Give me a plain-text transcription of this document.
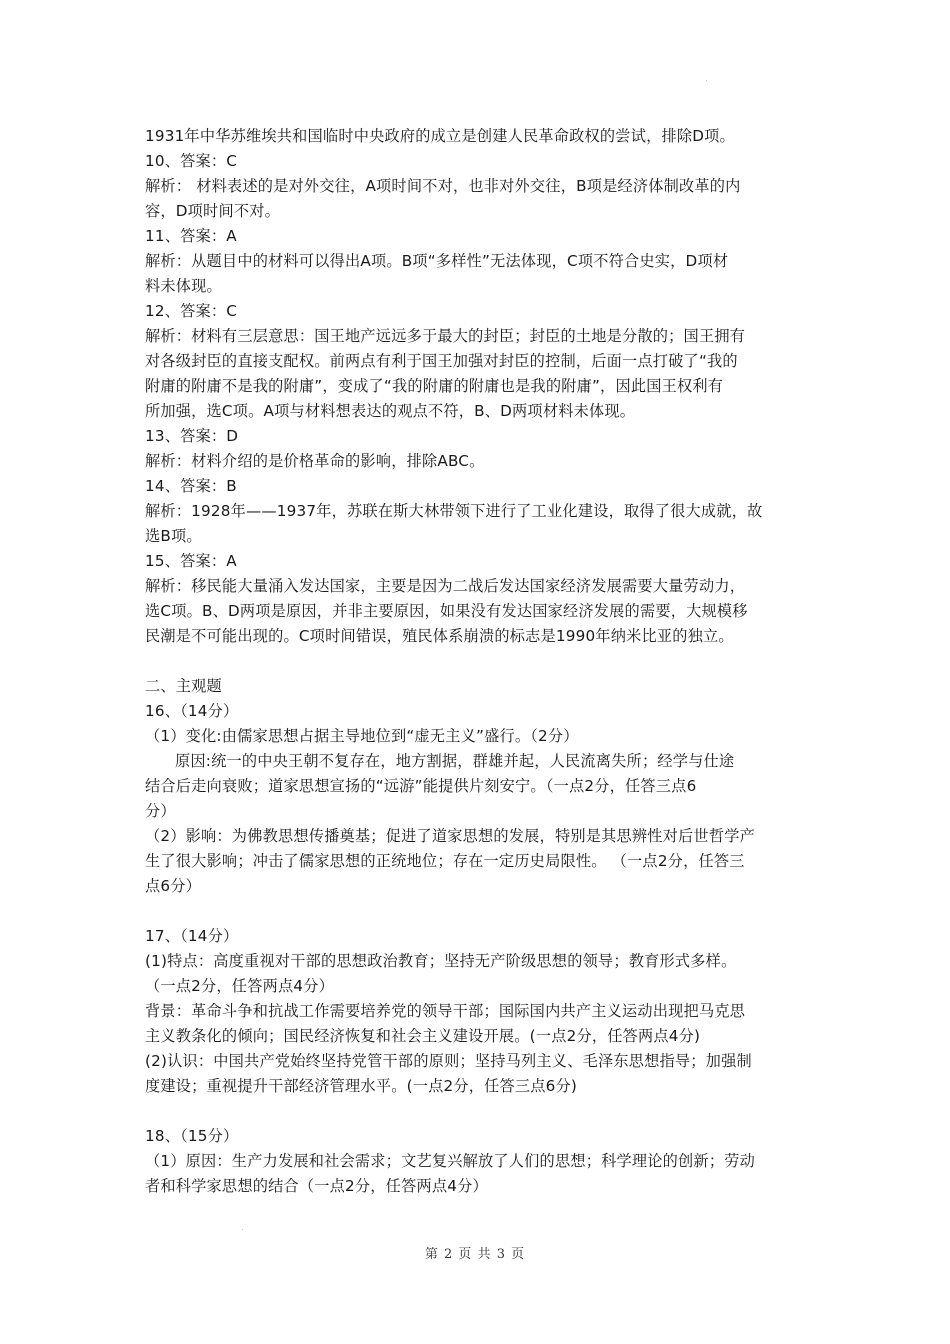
1931年中华苏维埃共和国临时中央政府的成立是创建人民革命政权的尝试，排除D项。
10、答案：C
解析： 材料表述的是对外交往，A项时间不对，也非对外交往，B项是经济体制改革的内
容，D项时间不对。
11、答案：A
解析：从题目中的材料可以得出A项。B项“多样性”无法体现，C项不符合史实，D项材
料未体现。
12、答案：C
解析：材料有三层意思：国王地产远远多于最大的封臣；封臣的土地是分散的；国王拥有
对各级封臣的直接支配权。前两点有利于国王加强对封臣的控制，后面一点打破了“我的
附庸的附庸不是我的附庸”，变成了“我的附庸的附庸也是我的附庸”，因此国王权利有
所加强，选C项。A项与材料想表达的观点不符，B、D两项材料未体现。
13、答案：D
解析：材料介绍的是价格革命的影响，排除ABC。
14、答案：B
解析：1928年——1937年，苏联在斯大林带领下进行了工业化建设，取得了很大成就，故
选B项。
15、答案：A
解析：移民能大量涌入发达国家，主要是因为二战后发达国家经济发展需要大量劳动力，
选C项。B、D两项是原因，并非主要原因，如果没有发达国家经济发展的需要，大规模移
民潮是不可能出现的。C项时间错误，殖民体系崩溃的标志是1990年纳米比亚的独立。
二、主观题
16、（14分）
（1）变化:由儒家思想占据主导地位到“虚无主义”盛行。（2分）
原因:统一的中央王朝不复存在，地方割据，群雄并起，人民流离失所；经学与仕途
结合后走向衰败；道家思想宣扬的“远游”能提供片刻安宁。（一点2分，任答三点6
分）
（2）影响：为佛教思想传播奠基；促进了道家思想的发展，特别是其思辨性对后世哲学产
生了很大影响；冲击了儒家思想的正统地位；存在一定历史局限性。 （一点2分，任答三
点6分）
17、（14分）
(1)特点：高度重视对干部的思想政治教育；坚持无产阶级思想的领导；教育形式多样。
（一点2分，任答两点4分）
背景：革命斗争和抗战工作需要培养党的领导干部；国际国内共产主义运动出现把马克思
主义教条化的倾向；国民经济恢复和社会主义建设开展。(一点2分，任答两点4分)
(2)认识：中国共产党始终坚持党管干部的原则；坚持马列主义、毛泽东思想指导；加强制
度建设；重视提升干部经济管理水平。(一点2分，任答三点6分)
18、（15分）
（1）原因：生产力发展和社会需求；文艺复兴解放了人们的思想；科学理论的创新；劳动
者和科学家思想的结合（一点2分，任答两点4分）
第 2 页 共 3 页
